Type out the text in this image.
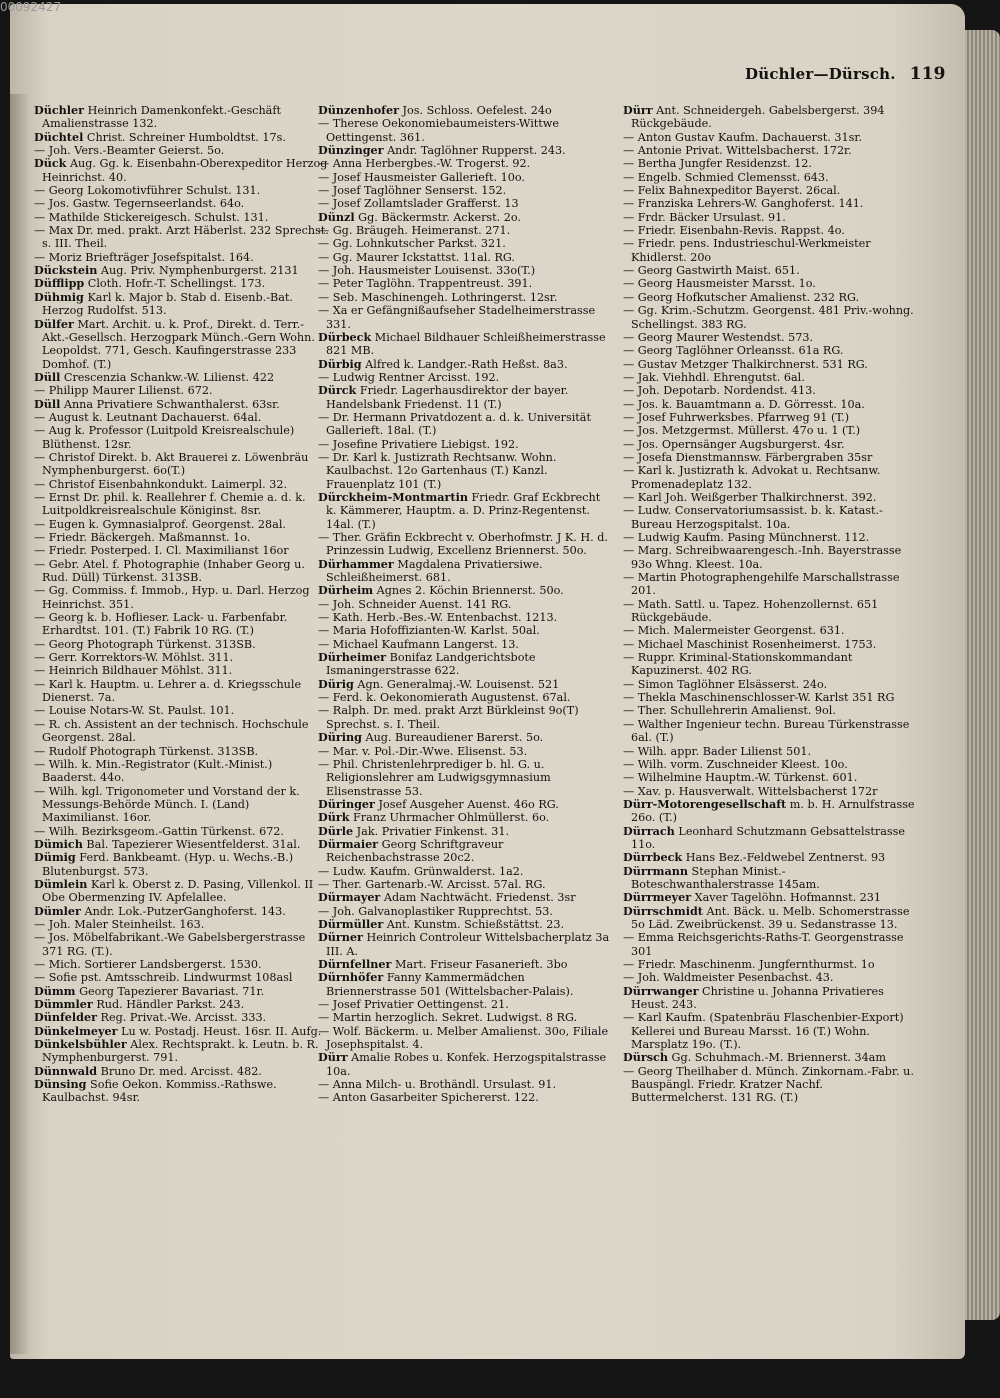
Düchler—Dürsch. 119

Düchler Heinrich Damenkonfekt.-Geschäft Amalienstrasse 132.

Düchtel Christ. Schreiner Humboldtst. 17s.

— Joh. Vers.-Beamter Geierst. 5o.

Dück Aug. Gg. k. Eisenbahn-Oberexpeditor Herzog Heinrichst. 40.

— Georg Lokomotivführer Schulst. 131.

— Jos. Gastw. Tegernseerlandst. 64o.

— Mathilde Stickereigesch. Schulst. 131.

— Max Dr. med. prakt. Arzt Häberlst. 232 Sprechst. s. III. Theil.

— Moriz Briefträger Josefspitalst. 164.

Dückstein Aug. Priv. Nymphenburgerst. 2131

Düfflipp Cloth. Hofr.-T. Schellingst. 173.

Dühmig Karl k. Major b. Stab d. Eisenb.-Bat. Herzog Rudolfst. 513.

Dülfer Mart. Archit. u. k. Prof., Direkt. d. Terr.-Akt.-Gesellsch. Herzogpark Münch.-Gern Wohn. Leopoldst. 771, Gesch. Kaufingerstrasse 233 Domhof. (T.)

Düll Crescenzia Schankw.-W. Lilienst. 422

— Philipp Maurer Lilienst. 672.

Düll Anna Privatiere Schwanthalerst. 63sr.

— August k. Leutnant Dachauerst. 64al.

— Aug k. Professor (Luitpold Kreisrealschule) Blüthenst. 12sr.

— Christof Direkt. b. Akt Brauerei z. Löwenbräu Nymphenburgerst. 6o(T.)

— Christof Eisenbahnkondukt. Laimerpl. 32.

— Ernst Dr. phil. k. Reallehrer f. Chemie a. d. k. Luitpoldkreisrealschule Königinst. 8sr.

— Eugen k. Gymnasialprof. Georgenst. 28al.

— Friedr. Bäckergeh. Maßmannst. 1o.

— Friedr. Posterped. I. Cl. Maximilianst 16or

— Gebr. Atel. f. Photographie (Inhaber Georg u. Rud. Düll) Türkenst. 313SB.

— Gg. Commiss. f. Immob., Hyp. u. Darl. Herzog Heinrichst. 351.

— Georg k. b. Hoflieser. Lack- u. Farbenfabr. Erhardtst. 101. (T.) Fabrik 10 RG. (T.)

— Georg Photograph Türkenst. 313SB.

— Gerr. Korrektors-W. Möhlst. 311.

— Heinrich Bildhauer Möhlst. 311.

— Karl k. Hauptm. u. Lehrer a. d. Kriegsschule Dienerst. 7a.

— Louise Notars-W. St. Paulst. 101.

— R. ch. Assistent an der technisch. Hochschule Georgenst. 28al.

— Rudolf Photograph Türkenst. 313SB.

— Wilh. k. Min.-Registrator (Kult.-Minist.) Baaderst. 44o.

— Wilh. kgl. Trigonometer und Vorstand der k. Messungs-Behörde Münch. I. (Land) Maximilianst. 16or.

— Wilh. Bezirksgeom.-Gattin Türkenst. 672.

Dümich Bal. Tapezierer Wiesentfelderst. 31al.

Dümig Ferd. Bankbeamt. (Hyp. u. Wechs.-B.) Blutenburgst. 573.

Dümlein Karl k. Oberst z. D. Pasing, Villenkol. II Obe Obermenzing IV. Apfelallee.

Dümler Andr. Lok.-PutzerGanghoferst. 143.

— Joh. Maler Steinheilst. 163.

— Jos. Möbelfabrikant.-We Gabelsbergerstrasse 371 RG. (T.).

— Mich. Sortierer Landsbergerst. 1530.

— Sofie pst. Amtsschreib. Lindwurmst 108asl

Dümm Georg Tapezierer Bavariast. 71r.

Dümmler Rud. Händler Parkst. 243.

Dünfelder Reg. Privat.-We. Arcisst. 333.

Dünkelmeyer Lu w. Postadj. Heust. 16sr. II. Aufg.

Dünkelsbühler Alex. Rechtsprakt. k. Leutn. b. R. Nymphenburgerst. 791.

Dünnwald Bruno Dr. med. Arcisst. 482.

Dünsing Sofie Oekon. Kommiss.-Rathswe. Kaulbachst. 94sr.

Dünzenhofer Jos. Schloss. Oefelest. 24o

— Therese Oekonomiebaumeisters-Wittwe Oettingenst. 361.

Dünzinger Andr. Taglöhner Rupperst. 243.

— Anna Herbergbes.-W. Trogerst. 92.

— Josef Hausmeister Gallerieft. 10o.

— Josef Taglöhner Senserst. 152.

— Josef Zollamtslader Grafferst. 13

Dünzl Gg. Bäckermstr. Ackerst. 2o.

— Gg. Bräugeh. Heimeranst. 271.

— Gg. Lohnkutscher Parkst. 321.

— Gg. Maurer Ickstattst. 11al. RG.

— Joh. Hausmeister Louisenst. 33o(T.)

— Peter Taglöhn. Trappentreust. 391.

— Seb. Maschinengeh. Lothringerst. 12sr.

— Xa er Gefängnißaufseher Stadelheimerstrasse 331.

Dürbeck Michael Bildhauer Schleißheimerstrasse 821 MB.

Dürbig Alfred k. Landger.-Rath Heßst. 8a3.

— Ludwig Rentner Arcisst. 192.

Dürck Friedr. Lagerhausdirektor der bayer. Handelsbank Friedenst. 11 (T.)

— Dr. Hermann Privatdozent a. d. k. Universität Gallerieft. 18al. (T.)

— Josefine Privatiere Liebigst. 192.

— Dr. Karl k. Justizrath Rechtsanw. Wohn. Kaulbachst. 12o Gartenhaus (T.) Kanzl. Frauenplatz 101 (T.)

Dürckheim-Montmartin Friedr. Graf Eckbrecht k. Kämmerer, Hauptm. a. D. Prinz-Regentenst. 14al. (T.)

— Ther. Gräfin Eckbrecht v. Oberhofmstr. J K. H. d. Prinzessin Ludwig, Excellenz Briennerst. 50o.

Dürhammer Magdalena Privatiersiwe. Schleißheimerst. 681.

Dürheim Agnes 2. Köchin Briennerst. 50o.

— Joh. Schneider Auenst. 141 RG.

— Kath. Herb.-Bes.-W. Entenbachst. 1213.

— Maria Hofoffizianten-W. Karlst. 50al.

— Michael Kaufmann Langerst. 13.

Dürheimer Bonifaz Landgerichtsbote Ismaningerstrasse 622.

Dürig Agn. Generalmaj.-W. Louisenst. 521

— Ferd. k. Oekonomierath Augustenst. 67al.

— Ralph. Dr. med. prakt Arzt Bürkleinst 9o(T) Sprechst. s. I. Theil.

Düring Aug. Bureaudiener Barerst. 5o.

— Mar. v. Pol.-Dir.-Wwe. Elisenst. 53.

— Phil. Christenlehrprediger b. hl. G. u. Religionslehrer am Ludwigsgymnasium Elisenstrasse 53.

Düringer Josef Ausgeher Auenst. 46o RG.

Dürk Franz Uhrmacher Ohlmüllerst. 6o.

Dürle Jak. Privatier Finkenst. 31.

Dürmaier Georg Schriftgraveur Reichenbachstrasse 20c2.

— Ludw. Kaufm. Grünwalderst. 1a2.

— Ther. Gartenarb.-W. Arcisst. 57al. RG.

Dürmayer Adam Nachtwächt. Friedenst. 3sr

— Joh. Galvanoplastiker Rupprechtst. 53.

Dürmüller Ant. Kunstm. Schießstättst. 23.

Dürner Heinrich Controleur Wittelsbacherplatz 3a III. A.

Dürnfellner Mart. Friseur Fasanerieft. 3bo

Dürnhöfer Fanny Kammermädchen Briennerstrasse 501 (Wittelsbacher-Palais).

— Josef Privatier Oettingenst. 21.

— Martin herzoglich. Sekret. Ludwigst. 8 RG.

— Wolf. Bäckerm. u. Melber Amalienst. 30o, Filiale Josephspitalst. 4.

Dürr Amalie Robes u. Konfek. Herzogspitalstrasse 10a.

— Anna Milch- u. Brothändl. Ursulast. 91.

— Anton Gasarbeiter Spichererst. 122.

Dürr Ant. Schneidergeh. Gabelsbergerst. 394 Rückgebäude.

— Anton Gustav Kaufm. Dachauerst. 31sr.

— Antonie Privat. Wittelsbacherst. 172r.

— Bertha Jungfer Residenzst. 12.

— Engelb. Schmied Clemensst. 643.

— Felix Bahnexpeditor Bayerst. 26cal.

— Franziska Lehrers-W. Ganghoferst. 141.

— Frdr. Bäcker Ursulast. 91.

— Friedr. Eisenbahn-Revis. Rappst. 4o.

— Friedr. pens. Industrieschul-Werkmeister Khidlerst. 20o

— Georg Gastwirth Maist. 651.

— Georg Hausmeister Marsst. 1o.

— Georg Hofkutscher Amalienst. 232 RG.

— Gg. Krim.-Schutzm. Georgenst. 481 Priv.-wohng. Schellingst. 383 RG.

— Georg Maurer Westendst. 573.

— Georg Taglöhner Orleansst. 61a RG.

— Gustav Metzger Thalkirchnerst. 531 RG.

— Jak. Viehhdl. Ehrengutst. 6al.

— Joh. Depotarb. Nordendst. 413.

— Jos. k. Bauamtmann a. D. Görresst. 10a.

— Josef Fuhrwerksbes. Pfarrweg 91 (T.)

— Jos. Metzgermst. Müllerst. 47o u. 1 (T.)

— Jos. Opernsänger Augsburgerst. 4sr.

— Josefa Dienstmannsw. Färbergraben 35sr

— Karl k. Justizrath k. Advokat u. Rechtsanw. Promenadeplatz 132.

— Karl Joh. Weißgerber Thalkirchnerst. 392.

— Ludw. Conservatoriumsassist. b. k. Katast.-Bureau Herzogspitalst. 10a.

— Ludwig Kaufm. Pasing Münchnerst. 112.

— Marg. Schreibwaarengesch.-Inh. Bayerstrasse 93o Whng. Kleest. 10a.

— Martin Photographengehilfe Marschallstrasse 201.

— Math. Sattl. u. Tapez. Hohenzollernst. 651 Rückgebäude.

— Mich. Malermeister Georgenst. 631.

— Michael Maschinist Rosenheimerst. 1753.

— Ruppr. Kriminal-Stationskommandant Kapuzinerst. 402 RG.

— Simon Taglöhner Elsässerst. 24o.

— Thekla Maschinenschlosser-W. Karlst 351 RG

— Ther. Schullehrerin Amalienst. 9ol.

— Walther Ingenieur techn. Bureau Türkenstrasse 6al. (T.)

— Wilh. appr. Bader Lilienst 501.

— Wilh. vorm. Zuschneider Kleest. 10o.

— Wilhelmine Hauptm.-W. Türkenst. 601.

— Xav. p. Hausverwalt. Wittelsbacherst 172r

Dürr-Motorengesellschaft m. b. H. Arnulfstrasse 26o. (T.)

Dürrach Leonhard Schutzmann Gebsattelstrasse 11o.

Dürrbeck Hans Bez.-Feldwebel Zentnerst. 93

Dürrmann Stephan Minist.-Boteschwanthalerstrasse 145am.

Dürrmeyer Xaver Tagelöhn. Hofmannst. 231

Dürrschmidt Ant. Bäck. u. Melb. Schomerstrasse 5o Läd. Zweibrückenst. 39 u. Sedanstrasse 13.

— Emma Reichsgerichts-Raths-T. Georgenstrasse 301

— Friedr. Maschinenm. Jungfernthurmst. 1o

— Joh. Waldmeister Pesenbachst. 43.

Dürrwanger Christine u. Johanna Privatieres Heust. 243.

— Karl Kaufm. (Spatenbräu Flaschenbier-Export) Kellerei und Bureau Marsst. 16 (T.) Wohn. Marsplatz 19o. (T.).

Dürsch Gg. Schuhmach.-M. Briennerst. 34am

— Georg Theilhaber d. Münch. Zinkornam.-Fabr. u. Bauspängl. Friedr. Kratzer Nachf. Buttermelcherst. 131 RG. (T.)

00092427
